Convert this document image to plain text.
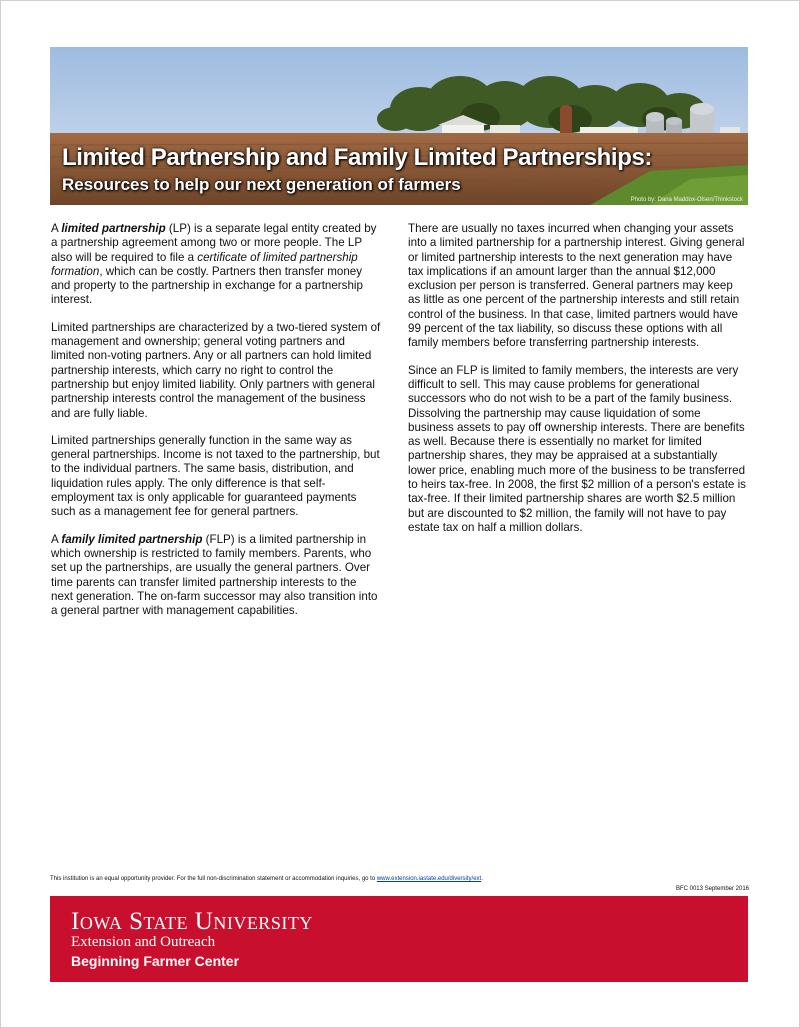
Limited Partnership and Family Limited Partnerships:
Resources to help our next generation of farmers
Photo by: Dana Maddox-Olsen/Thinkstock

A limited partnership (LP) is a separate legal entity created by a partnership agreement among two or more people. The LP also will be required to file a certificate of limited partnership formation, which can be costly. Partners then transfer money and property to the partnership in exchange for a partnership interest.

Limited partnerships are characterized by a two-tiered system of management and ownership; general voting partners and limited non-voting partners. Any or all partners can hold limited partnership interests, which carry no right to control the partnership but enjoy limited liability. Only partners with general partnership interests control the management of the business and are fully liable.

Limited partnerships generally function in the same way as general partnerships. Income is not taxed to the partnership, but to the individual partners. The same basis, distribution, and liquidation rules apply. The only difference is that self-employment tax is only applicable for guaranteed payments such as a management fee for general partners.

A family limited partnership (FLP) is a limited partnership in which ownership is restricted to family members. Parents, who set up the partnerships, are usually the general partners. Over time parents can transfer limited partnership interests to the next generation. The on-farm successor may also transition into a general partner with management capabilities.

There are usually no taxes incurred when changing your assets into a limited partnership for a partnership interest. Giving general or limited partnership interests to the next generation may have tax implications if an amount larger than the annual $12,000 exclusion per person is transferred. General partners may keep as little as one percent of the partnership interests and still retain control of the business. In that case, limited partners would have 99 percent of the tax liability, so discuss these options with all family members before transferring partnership interests.

Since an FLP is limited to family members, the interests are very difficult to sell. This may cause problems for generational successors who do not wish to be a part of the family business. Dissolving the partnership may cause liquidation of some business assets to pay off ownership interests. There are benefits as well. Because there is essentially no market for limited partnership shares, they may be appraised at a substantially lower price, enabling much more of the business to be transferred to heirs tax-free. In 2008, the first $2 million of a person's estate is tax-free. If their limited partnership shares are worth $2.5 million but are discounted to $2 million, the family will not have to pay estate tax on half a million dollars.

This institution is an equal opportunity provider. For the full non-discrimination statement or accommodation inquiries, go to www.extension.iastate.edu/diversity/ext.
BFC 0013 September 2016
Iowa State University
Extension and Outreach
Beginning Farmer Center
